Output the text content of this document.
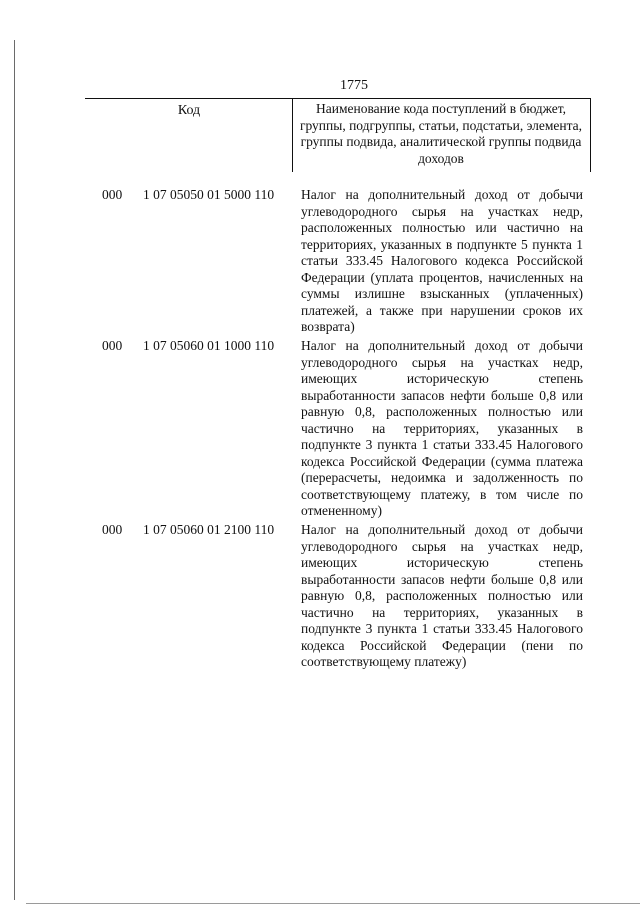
1775
Код	Наименование кода поступлений в бюджет, группы, подгруппы, статьи, подстатьи, элемента, группы подвида, аналитической группы подвида доходов
000 1 07 05050 01 5000 110 Налог на дополнительный доход от добычи углеводородного сырья на участках недр, расположенных полностью или частично на территориях, указанных в подпункте 5 пункта 1 статьи 333.45 Налогового кодекса Российской Федерации (уплата процентов, начисленных на суммы излишне взысканных (уплаченных) платежей, а также при нарушении сроков их возврата)
000 1 07 05060 01 1000 110 Налог на дополнительный доход от добычи углеводородного сырья на участках недр, имеющих историческую степень выработанности запасов нефти больше 0,8 или равную 0,8, расположенных полностью или частично на территориях, указанных в подпункте 3 пункта 1 статьи 333.45 Налогового кодекса Российской Федерации (сумма платежа (перерасчеты, недоимка и задолженность по соответствующему платежу, в том числе по отмененному)
000 1 07 05060 01 2100 110 Налог на дополнительный доход от добычи углеводородного сырья на участках недр, имеющих историческую степень выработанности запасов нефти больше 0,8 или равную 0,8, расположенных полностью или частично на территориях, указанных в подпункте 3 пункта 1 статьи 333.45 Налогового кодекса Российской Федерации (пени по соответствующему платежу)
